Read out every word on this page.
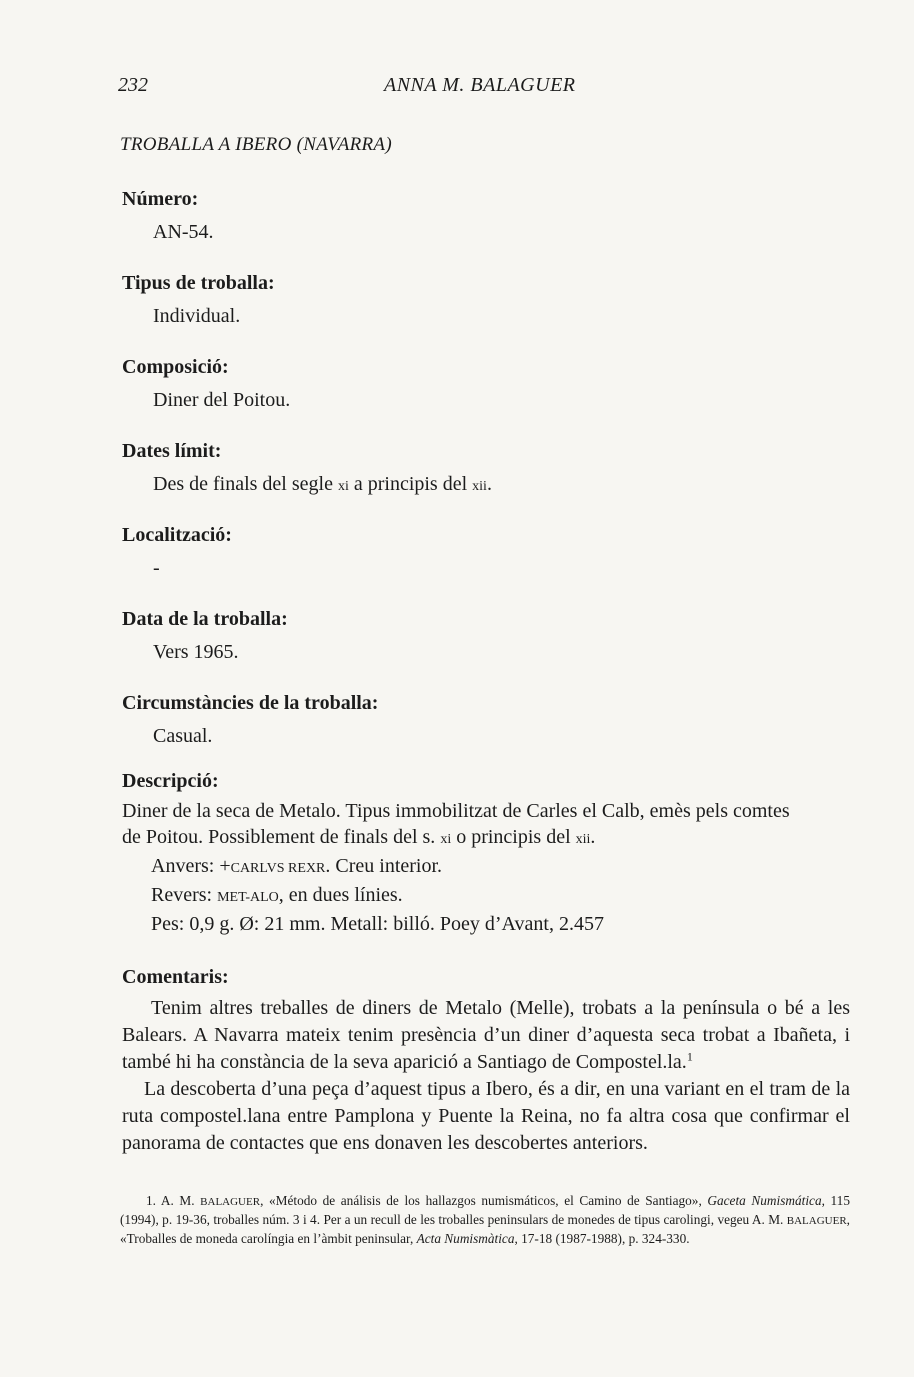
232	ANNA M. BALAGUER
TROBALLA A IBERO (NAVARRA)
Número:
AN-54.
Tipus de troballa:
Individual.
Composició:
Diner del Poitou.
Dates límit:
Des de finals del segle xi a principis del xii.
Localització:
-
Data de la troballa:
Vers 1965.
Circumstàncies de la troballa:
Casual.
Descripció:
Diner de la seca de Metalo. Tipus immobilitzat de Carles el Calb, emès pels comtes
de Poitou. Possiblement de finals del s. xi o principis del xii.
Anvers: +CARLVS REXR. Creu interior.
Revers: MET-ALO, en dues línies.
Pes: 0,9 g. Ø: 21 mm. Metall: billó. Poey d’Avant, 2.457
Comentaris:

Tenim altres treballes de diners de Metalo (Melle), trobats a la península o bé a les Balears. A Navarra mateix tenim presència d’un diner d’aquesta seca trobat a Ibañeta, i també hi ha constància de la seva aparició a Santiago de Compostel.la.$^1$

La descoberta d’una peça d’aquest tipus a Ibero, és a dir, en una variant en el tram de la ruta compostel.lana entre Pamplona y Puente la Reina, no fa altra cosa que confirmar el panorama de contactes que ens donaven les descobertes anteriors.

1. A. M. BALAGUER, «Método de análisis de los hallazgos numismáticos, el Camino de Santiago», Gaceta Numismática, 115 (1994), p. 19-36, troballes núm. 3 i 4. Per a un recull de les troballes peninsulars de monedes de tipus carolingi, vegeu A. M. BALAGUER, «Troballes de moneda carolíngia en l’àmbit peninsular, Acta Numismàtica, 17-18 (1987-1988), p. 324-330.
